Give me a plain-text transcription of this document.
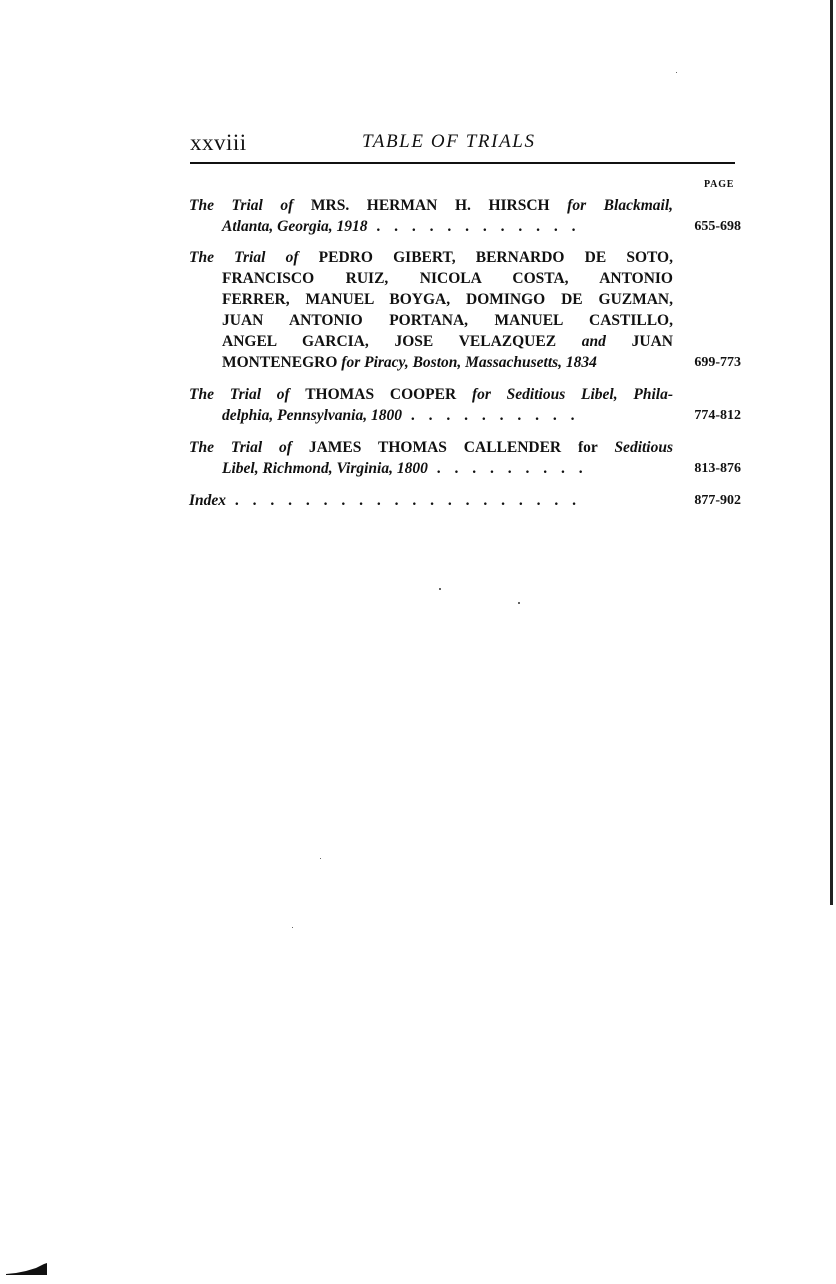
xxviii	TABLE OF TRIALS
PAGE
The Trial of MRS. HERMAN H. HIRSCH for Blackmail,
Atlanta, Georgia, 1918 . . . . . . . . . . . .	655-698
The Trial of PEDRO GIBERT, BERNARDO DE SOTO,
FRANCISCO RUIZ, NICOLA COSTA, ANTONIO
FERRER, MANUEL BOYGA, DOMINGO DE GUZMAN,
JUAN ANTONIO PORTANA, MANUEL CASTILLO,
ANGEL GARCIA, JOSE VELAZQUEZ and JUAN
MONTENEGRO for Piracy, Boston, Massachusetts, 1834	699-773
The Trial of THOMAS COOPER for Seditious Libel, Phila-
delphia, Pennsylvania, 1800 . . . . . . . . . .	774-812
The Trial of JAMES THOMAS CALLENDER for Seditious
Libel, Richmond, Virginia, 1800 . . . . . . . . .	813-876
Index . . . . . . . . . . . . . . . . . . . .	877-902
